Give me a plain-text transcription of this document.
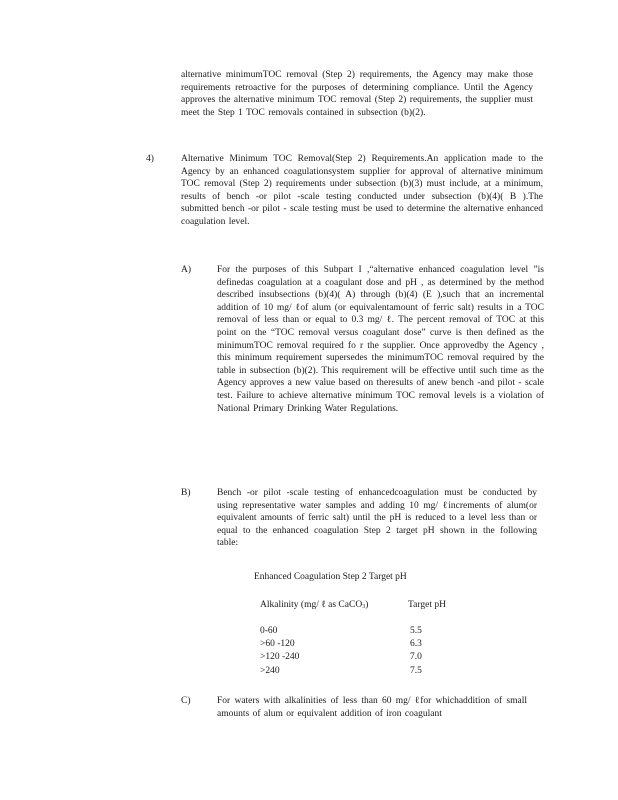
alternative minimumTOC removal (Step 2) requirements, the Agency may make those requirements retroactive for the purposes of determining compliance. Until the Agency approves the alternative minimum TOC removal (Step 2) requirements, the supplier must meet the Step 1 TOC removals contained in subsection (b)(2).
4)	Alternative Minimum TOC Removal(Step 2) Requirements.An application made to the Agency by an enhanced coagulationsystem supplier for approval of alternative minimum TOC removal (Step 2) requirements under subsection (b)(3) must include, at a minimum, results of bench -or pilot -scale testing conducted under subsection (b)(4)( B ).The submitted bench -or pilot - scale testing must be used to determine the alternative enhanced coagulation level.
A)	For the purposes of this Subpart I ,“alternative enhanced coagulation level ”is definedas coagulation at a coagulant dose and pH , as determined by the method described insubsections (b)(4)( A) through (b)(4) (E ),such that an incremental addition of 10 mg/ ℓof alum (or equivalentamount of ferric salt) results in a TOC removal of less than or equal to 0.3 mg/ ℓ. The percent removal of TOC at this point on the “TOC removal versus coagulant dose” curve is then defined as the minimumTOC removal required fo r the supplier. Once approvedby the Agency , this minimum requirement supersedes the minimumTOC removal required by the table in subsection (b)(2). This requirement will be effective until such time as the Agency approves a new value based on theresults of anew bench -and pilot - scale test. Failure to achieve alternative minimum TOC removal levels is a violation of National Primary Drinking Water Regulations.
B)	Bench -or pilot -scale testing of enhancedcoagulation must be conducted by using representative water samples and adding 10 mg/ ℓincrements of alum(or equivalent amounts of ferric salt) until the pH is reduced to a level less than or equal to the enhanced coagulation Step 2 target pH shown in the following table:
Enhanced Coagulation Step 2 Target pH
Alkalinity (mg/ ℓ as CaCO$_3$)	Target pH
0-60	5.5
>60 -120	6.3
>120 -240	7.0
>240	7.5
C)	For waters with alkalinities of less than 60 mg/ ℓfor whichaddition of small amounts of alum or equivalent addition of iron coagulant
